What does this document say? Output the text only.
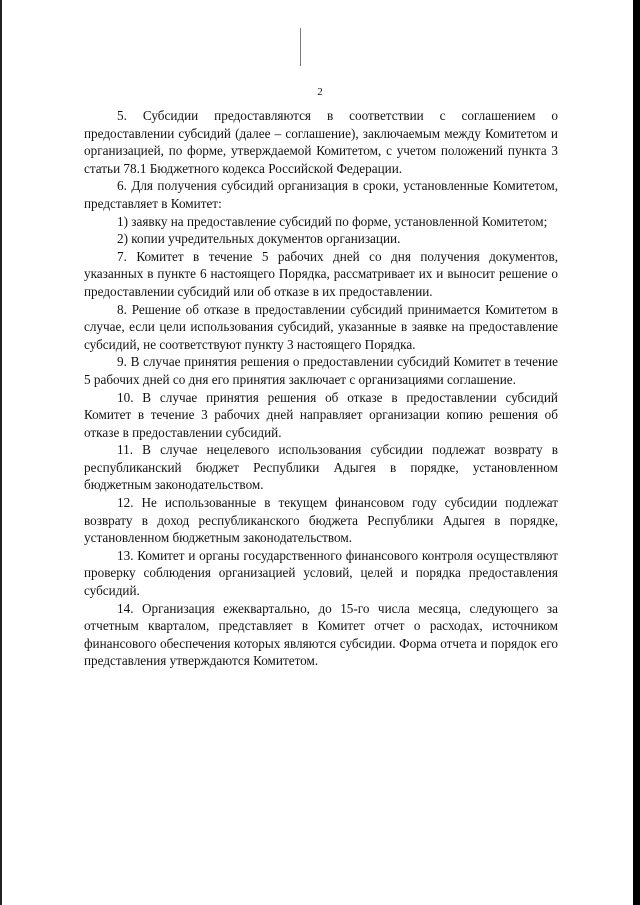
2

5. Субсидии предоставляются в соответствии с соглашением о предоставлении субсидий (далее – соглашение), заключаемым между Комитетом и организацией, по форме, утверждаемой Комитетом, с учетом положений пункта 3 статьи 78.1 Бюджетного кодекса Российской Федерации.

6. Для получения субсидий организация в сроки, установленные Комитетом, представляет в Комитет:

1) заявку на предоставление субсидий по форме, установленной Комитетом;

2) копии учредительных документов организации.

7. Комитет в течение 5 рабочих дней со дня получения документов, указанных в пункте 6 настоящего Порядка, рассматривает их и выносит решение о предоставлении субсидий или об отказе в их предоставлении.

8. Решение об отказе в предоставлении субсидий принимается Комитетом в случае, если цели использования субсидий, указанные в заявке на предоставление субсидий, не соответствуют пункту 3 настоящего Порядка.

9. В случае принятия решения о предоставлении субсидий Комитет в течение 5 рабочих дней со дня его принятия заключает с организациями соглашение.

10. В случае принятия решения об отказе в предоставлении субсидий Комитет в течение 3 рабочих дней направляет организации копию решения об отказе в предоставлении субсидий.

11. В случае нецелевого использования субсидии подлежат возврату в республиканский бюджет Республики Адыгея в порядке, установленном бюджетным законодательством.

12. Не использованные в текущем финансовом году субсидии подлежат возврату в доход республиканского бюджета Республики Адыгея в порядке, установленном бюджетным законодательством.

13. Комитет и органы государственного финансового контроля осуществляют проверку соблюдения организацией условий, целей и порядка предоставления субсидий.

14. Организация ежеквартально, до 15-го числа месяца, следующего за отчетным кварталом, представляет в Комитет отчет о расходах, источником финансового обеспечения которых являются субсидии. Форма отчета и порядок его представления утверждаются Комитетом.
